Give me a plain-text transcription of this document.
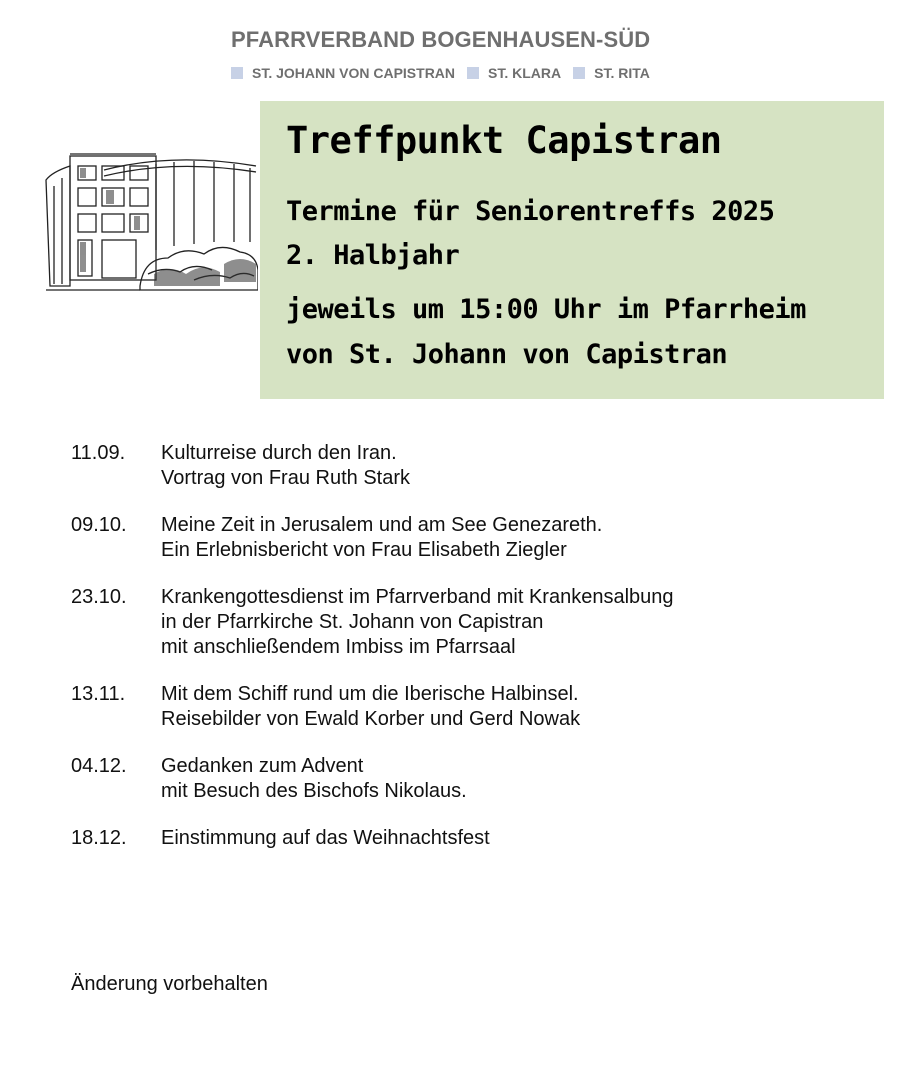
PFARRVERBAND BOGENHAUSEN-SÜD
ST. JOHANN VON CAPISTRAN ST. KLARA ST. RITA
Treffpunkt Capistran
Termine für Seniorentreffs 2025
2. Halbjahr
jeweils um 15:00 Uhr im Pfarrheim
von St. Johann von Capistran
11.09.	Kulturreise durch den Iran.
Vortrag von Frau Ruth Stark
09.10.	Meine Zeit in Jerusalem und am See Genezareth.
Ein Erlebnisbericht von Frau Elisabeth Ziegler
23.10.	Krankengottesdienst im Pfarrverband mit Krankensalbung
in der Pfarrkirche St. Johann von Capistran
mit anschließendem Imbiss im Pfarrsaal
13.11.	Mit dem Schiff rund um die Iberische Halbinsel.
Reisebilder von Ewald Korber und Gerd Nowak
04.12.	Gedanken zum Advent
mit Besuch des Bischofs Nikolaus.
18.12.	Einstimmung auf das Weihnachtsfest
Änderung vorbehalten
